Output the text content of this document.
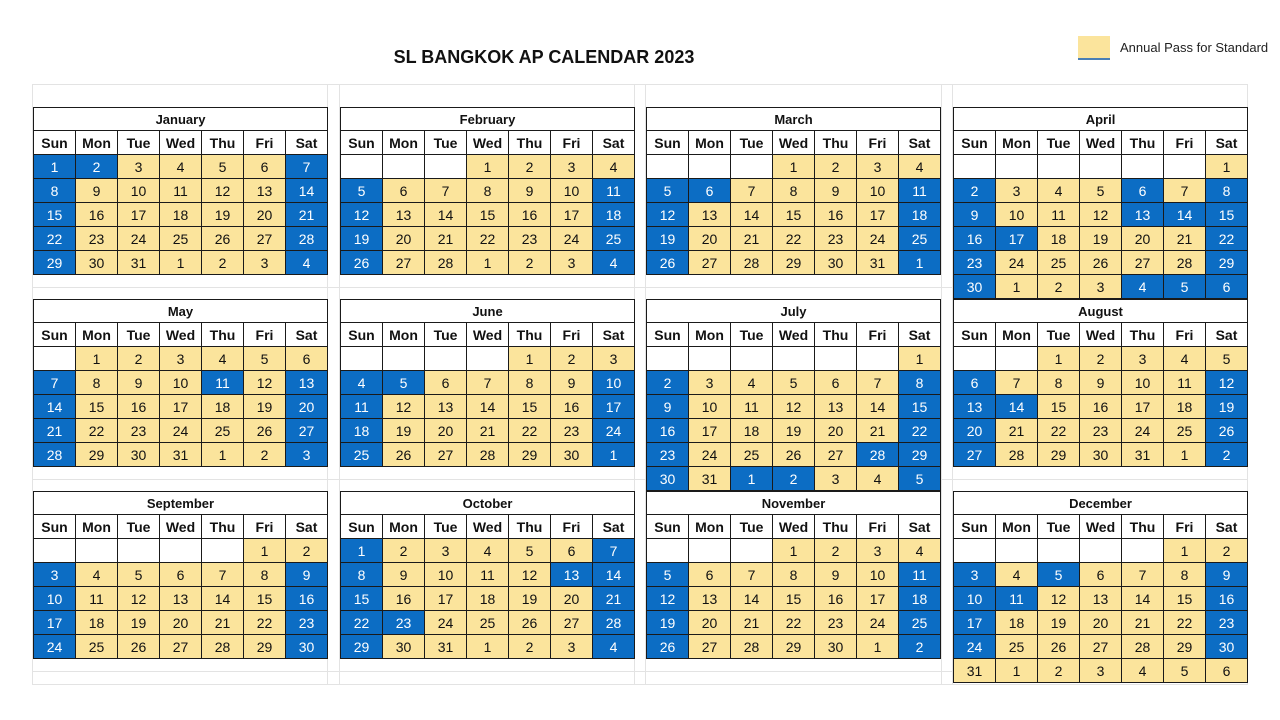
SL BANGKOK AP CALENDAR 2023	Annual Pass for Standard
January						
Sun	Mon	Tue	Wed	Thu	Fri	Sat
1	2	3	4	5	6	7
8	9	10	11	12	13	14
15	16	17	18	19	20	21
22	23	24	25	26	27	28
29	30	31	1	2	3	4
February						
Sun	Mon	Tue	Wed	Thu	Fri	Sat
			1	2	3	4
5	6	7	8	9	10	11
12	13	14	15	16	17	18
19	20	21	22	23	24	25
26	27	28	1	2	3	4
March						
Sun	Mon	Tue	Wed	Thu	Fri	Sat
			1	2	3	4
5	6	7	8	9	10	11
12	13	14	15	16	17	18
19	20	21	22	23	24	25
26	27	28	29	30	31	1
April						
Sun	Mon	Tue	Wed	Thu	Fri	Sat
						1
2	3	4	5	6	7	8
9	10	11	12	13	14	15
16	17	18	19	20	21	22
23	24	25	26	27	28	29
30	1	2	3	4	5	6
May						
Sun	Mon	Tue	Wed	Thu	Fri	Sat
	1	2	3	4	5	6
7	8	9	10	11	12	13
14	15	16	17	18	19	20
21	22	23	24	25	26	27
28	29	30	31	1	2	3
June						
Sun	Mon	Tue	Wed	Thu	Fri	Sat
				1	2	3
4	5	6	7	8	9	10
11	12	13	14	15	16	17
18	19	20	21	22	23	24
25	26	27	28	29	30	1
July						
Sun	Mon	Tue	Wed	Thu	Fri	Sat
						1
2	3	4	5	6	7	8
9	10	11	12	13	14	15
16	17	18	19	20	21	22
23	24	25	26	27	28	29
30	31	1	2	3	4	5
August						
Sun	Mon	Tue	Wed	Thu	Fri	Sat
		1	2	3	4	5
6	7	8	9	10	11	12
13	14	15	16	17	18	19
20	21	22	23	24	25	26
27	28	29	30	31	1	2
September						
Sun	Mon	Tue	Wed	Thu	Fri	Sat
					1	2
3	4	5	6	7	8	9
10	11	12	13	14	15	16
17	18	19	20	21	22	23
24	25	26	27	28	29	30
October						
Sun	Mon	Tue	Wed	Thu	Fri	Sat
1	2	3	4	5	6	7
8	9	10	11	12	13	14
15	16	17	18	19	20	21
22	23	24	25	26	27	28
29	30	31	1	2	3	4
November						
Sun	Mon	Tue	Wed	Thu	Fri	Sat
			1	2	3	4
5	6	7	8	9	10	11
12	13	14	15	16	17	18
19	20	21	22	23	24	25
26	27	28	29	30	1	2
December						
Sun	Mon	Tue	Wed	Thu	Fri	Sat
					1	2
3	4	5	6	7	8	9
10	11	12	13	14	15	16
17	18	19	20	21	22	23
24	25	26	27	28	29	30
31	1	2	3	4	5	6
